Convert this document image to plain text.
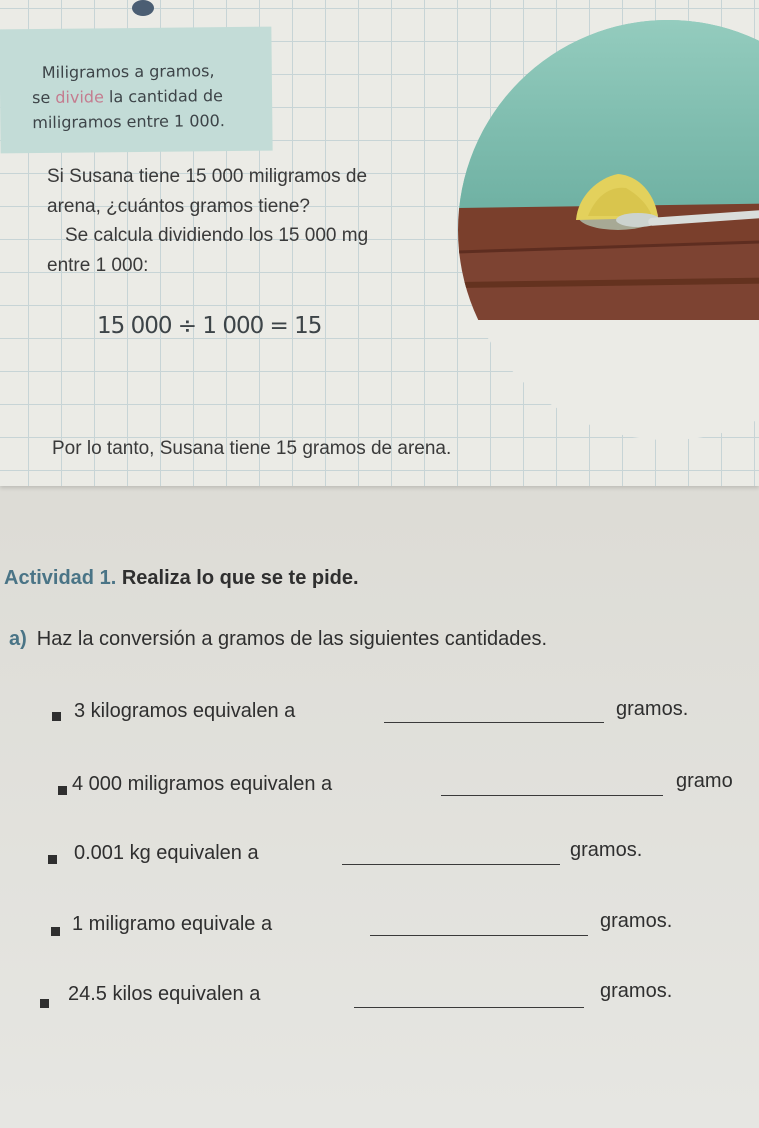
Miligramos a gramos,
se divide la cantidad de
miligramos entre 1 000.
Si Susana tiene 15 000 miligramos de
arena, ¿cuántos gramos tiene?
Se calcula dividiendo los 15 000 mg
entre 1 000:
15 000 ÷ 1 000 = 15
Por lo tanto, Susana tiene 15 gramos de arena.
Actividad 1. Realiza lo que se te pide.
a) Haz la conversión a gramos de las siguientes cantidades.
3 kilogramos equivalen a	gramos.
4 000 miligramos equivalen a	gramo
0.001 kg equivalen a	gramos.
1 miligramo equivale a	gramos.
24.5 kilos equivalen a	gramos.
